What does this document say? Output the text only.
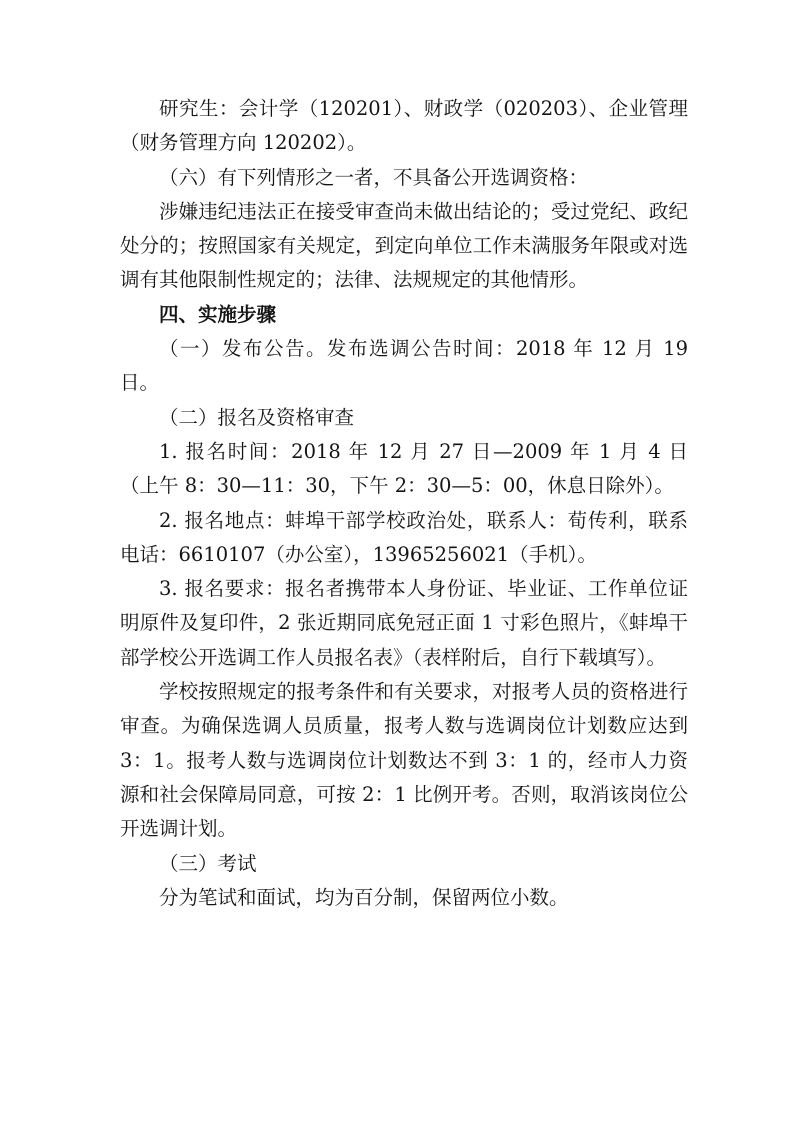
研究生：会计学（120201）、财政学（020203）、企业管理（财务管理方向 120202）。

（六）有下列情形之一者，不具备公开选调资格：

涉嫌违纪违法正在接受审查尚未做出结论的；受过党纪、政纪处分的；按照国家有关规定，到定向单位工作未满服务年限或对选调有其他限制性规定的；法律、法规规定的其他情形。

四、实施步骤

（一）发布公告。发布选调公告时间：2018 年 12 月 19 日。

（二）报名及资格审查

1. 报名时间：2018 年 12 月 27 日—2009 年 1 月 4 日（上午 8：30—11：30，下午 2：30—5：00，休息日除外）。

2. 报名地点：蚌埠干部学校政治处，联系人：荀传利，联系电话：6610107（办公室），13965256021（手机）。

3. 报名要求：报名者携带本人身份证、毕业证、工作单位证明原件及复印件，2 张近期同底免冠正面 1 寸彩色照片，《蚌埠干部学校公开选调工作人员报名表》（表样附后，自行下载填写）。

学校按照规定的报考条件和有关要求，对报考人员的资格进行审查。为确保选调人员质量，报考人数与选调岗位计划数应达到 3：1。报考人数与选调岗位计划数达不到 3：1 的，经市人力资源和社会保障局同意，可按 2：1 比例开考。否则，取消该岗位公开选调计划。

（三）考试

分为笔试和面试，均为百分制，保留两位小数。
